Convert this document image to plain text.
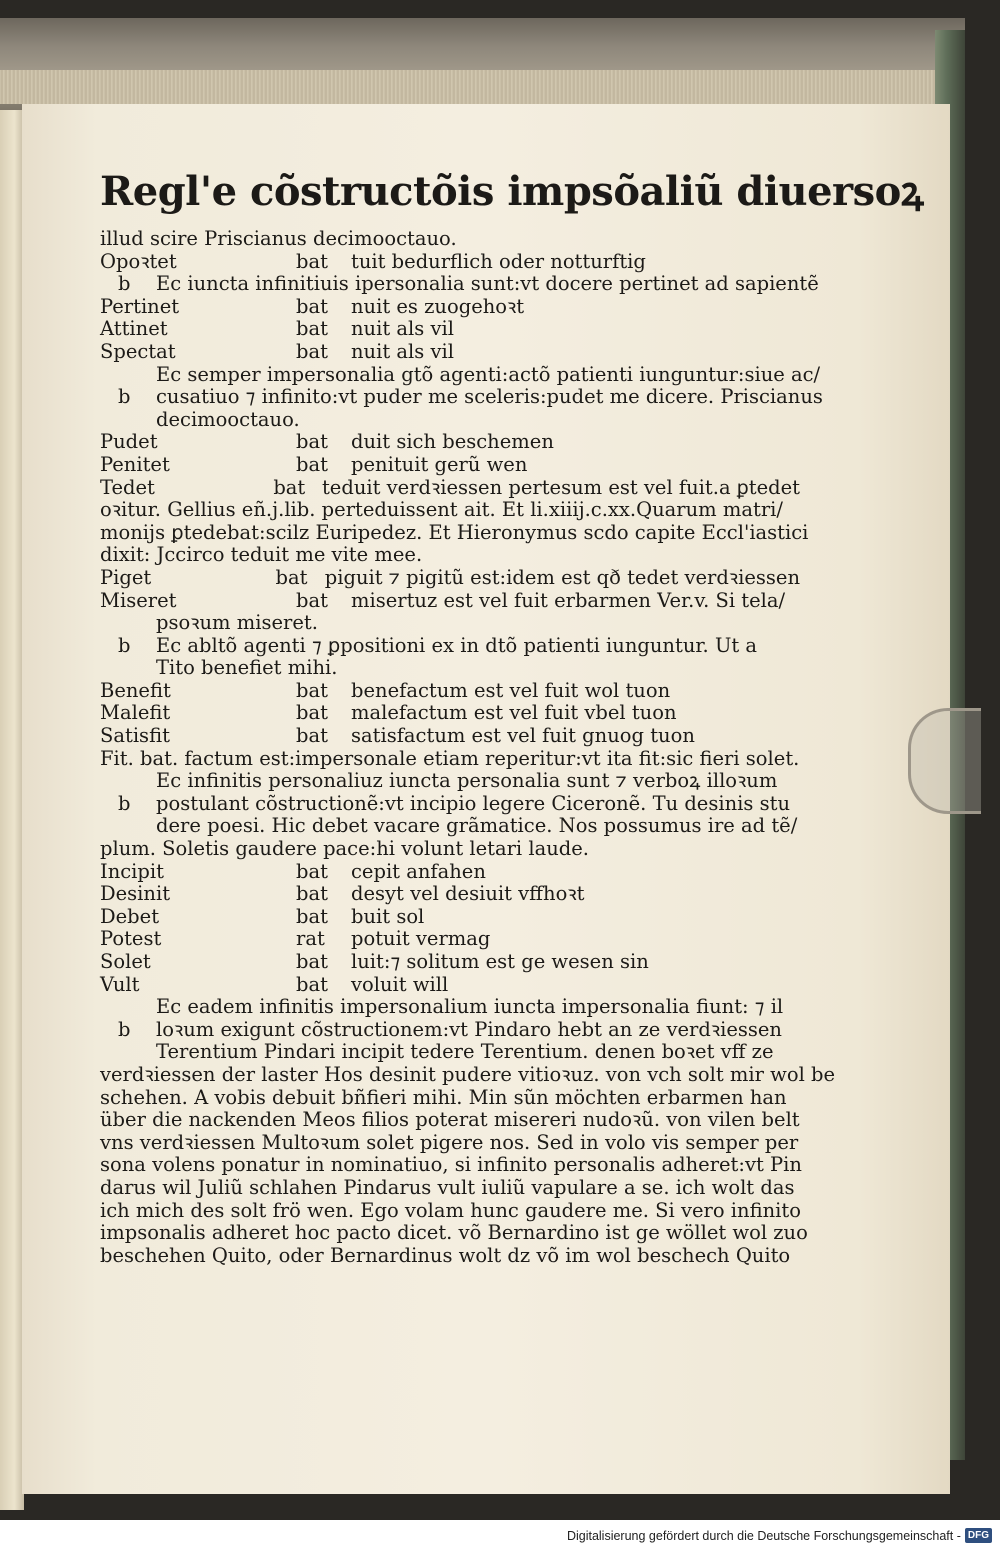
Regl'e cõstructõis impsõaliũ diuersoꝝ
illud scire Priscianus decimooctauo.
Opoꝛtet	bat	tuit bedurflich oder notturftig
b Ec iuncta infinitiuis ipersonalia sunt:vt docere pertinet ad sapientẽ
Pertinet	bat	nuit es zuogehoꝛt
Attinet	bat	nuit als vil
Spectat	bat	nuit als vil
Ec semper impersonalia gtõ agenti:actõ patienti iunguntur:siue ac/
b cusatiuo ⁊ infinito:vt puder me sceleris:pudet me dicere. Priscianus
decimooctauo.
Pudet	bat	duit sich beschemen
Penitet	bat	penituit gerũ wen
Tedet	bat teduit verdꝛiessen pertesum est vel fuit.a ꝑtedet
oꝛitur. Gellius eñ.j.lib. perteduissent ait. Et li.xiiij.c.xx.Quarum matri/
monijs ꝑtedebat:scilz Euripedez. Et Hieronymus scdo capite Eccl'iastici
dixit: Jccirco teduit me vite mee.
Piget	bat piguit ⁊ pigitũ est:idem est qð tedet verdꝛiessen
Miseret	bat	misertuz est vel fuit erbarmen Ver.v. Si tela/
psoꝛum miseret.
b Ec abltõ agenti ⁊ ꝑpositioni ex in dtõ patienti iunguntur. Ut a
Tito benefiet mihi.
Benefit	bat	benefactum est vel fuit wol tuon
Malefit	bat	malefactum est vel fuit vbel tuon
Satisfit	bat	satisfactum est vel fuit gnuog tuon
Fit. bat. factum est:impersonale etiam reperitur:vt ita fit:sic fieri solet.
Ec infinitis personaliuz iuncta personalia sunt ⁊ verboꝝ illoꝛum
b postulant cõstructionẽ:vt incipio legere Ciceronẽ. Tu desinis stu
dere poesi. Hic debet vacare grãmatice. Nos possumus ire ad tẽ/
plum. Soletis gaudere pace:hi volunt letari laude.
Incipit	bat	cepit anfahen
Desinit	bat	desyt vel desiuit vffhoꝛt
Debet	bat	buit sol
Potest	rat	potuit vermag
Solet	bat	luit:⁊ solitum est ge wesen sin
Vult	bat	voluit will
Ec eadem infinitis impersonalium iuncta impersonalia fiunt: ⁊ il
b loꝛum exigunt cõstructionem:vt Pindaro hebt an ze verdꝛiessen
Terentium Pindari incipit tedere Terentium. denen boꝛet vff ze
verdꝛiessen der laster Hos desinit pudere vitioꝛuz. von vch solt mir wol be
schehen. A vobis debuit bñfieri mihi. Min sũn möchten erbarmen han
über die nackenden Meos filios poterat misereri nudoꝛũ. von vilen belt
vns verdꝛiessen Multoꝛum solet pigere nos. Sed in volo vis semper per
sona volens ponatur in nominatiuo, si infinito personalis adheret:vt Pin
darus wil Juliũ schlahen Pindarus vult iuliũ vapulare a se. ich wolt das
ich mich des solt frö wen. Ego volam hunc gaudere me. Si vero infinito
impsonalis adheret hoc pacto dicet. võ Bernardino ist ge wöllet wol zuo
beschehen Quito, oder Bernardinus wolt dz võ im wol beschech Quito
Digitalisierung gefördert durch die Deutsche Forschungsgemeinschaft - DFG
